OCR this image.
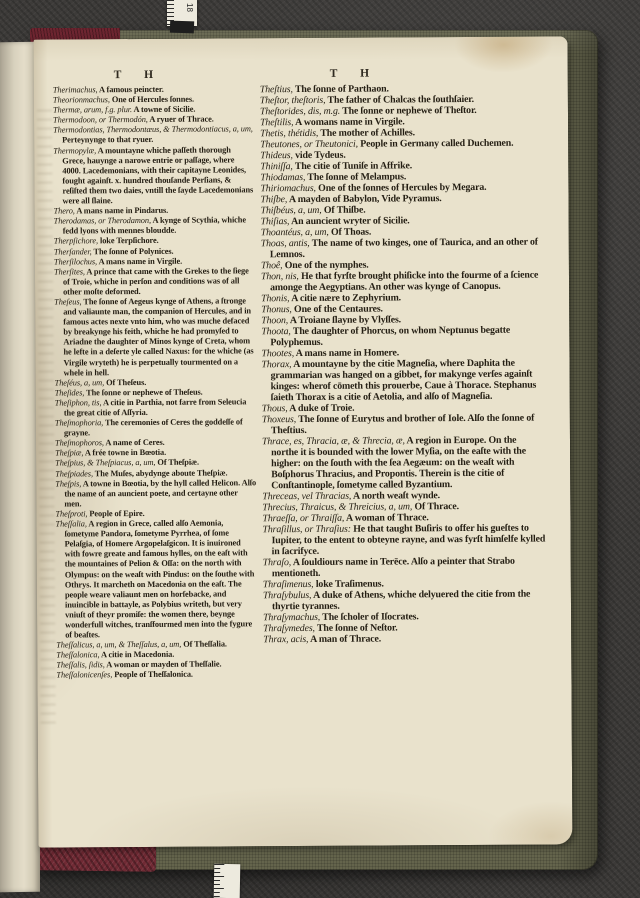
18
T H	T H

Therimachus, A famous peincter.

Theorionmachus, One of Hercules ſonnes.

Thermæ, arum, f.g. plur. A towne of Sicilie.

Thermodoon, or Thermodón, A ryuer of Thrace.

Thermodontias, Thermodontæus, & Thermodontiacus, a, um, Perteynynge to that ryuer.

Thermopylæ, A mountayne whiche paſſeth thorough Grece, hauynge a narowe entrie or paſſage, where 4000. Lacedemonians, with their capitayne Leonides, fought againſt. x. hundred thouſande Perſians, & reſiſted them two daies, vntill the ſayde Lacedemonians were all ſlaine.

Thero, A mans name in Pindarus.

Therodamas, or Therodamon, A kynge of Scythia, whiche fedd lyons with mennes bloudde.

Therpſichore, loke Terpſichore.

Therſander, The ſonne of Polynices.

Therſilochus, A mans name in Virgile.

Therſites, A prince that came with the Grekes to the ſiege of Troie, whiche in perſon and conditions was of all other moſte deformed.

Theſeus, The ſonne of Aegeus kynge of Athens, a ſtronge and valiaunte man, the companion of Hercules, and in famous actes nexte vnto him, who was muche defaced by breakynge his feith, whiche he had promyſed to Ariadne the daughter of Minos kynge of Creta, whom he lefte in a deſerte yle called Naxus: for the whiche (as Virgile wryteth) he is perpetually tourmented on a whele in hell.

Theſéus, a, um, Of Theſeus.

Theſides, The ſonne or nephewe of Theſeus.

Theſiphon, tis, A citie in Parthia, not farre from Seleucia the great citie of Aſſyria.

Theſmophoria, The ceremonies of Ceres the goddeſſe of grayne.

Theſmophoros, A name of Ceres.

Theſpiæ, A frée towne in Bœotia.

Theſpius, & Theſpiacus, a, um, Of Theſpiæ.

Theſpiades, The Muſes, abydynge aboute Theſpiæ.

Theſpis, A towne in Bœotia, by the hyll called Helicon. Alſo the name of an auncient poete, and certayne other men.

Theſproti, People of Epire.

Theſſalia, A region in Grece, called alſo Aemonia, ſometyme Pandora, ſometyme Pyrrhea, of ſome Pelaſgia, of Homere Argopelaſgicon. It is inuironed with fowre greate and famous hylles, on the eaſt with the mountaines of Pelion & Oſſa: on the north with Olympus: on the weaſt with Pindus: on the ſouthe with Othrys. It marcheth on Macedonia on the eaſt. The people weare valiaunt men on horſebacke, and inuincible in battayle, as Polybius writeth, but very vniuſt of theyr promiſe: the women there, beynge wonderfull witches, tranſfourmed men into the fygure of beaſtes.

Theſſalicus, a, um, & Theſſalus, a, um, Of Theſſalia.

Theſſalonica, A citie in Macedonia.

Theſſalis, ſidis, A woman or mayden of Theſſalie.

Theſſalonicenſes, People of Theſſalonica.

Theſtius, The ſonne of Parthaon.

Theſtor, theſtoris, The father of Chalcas the ſouthſaier.

Theſtorides, dis, m.g. The ſonne or nephewe of Theſtor.

Theſtilis, A womans name in Virgile.

Thetis, thétidis, The mother of Achilles.

Theutones, or Theutonici, People in Germany called Duchemen.

Thideus, vide Tydeus.

Thiniſſa, The citie of Tuniſe in Affrike.

Thiodamas, The ſonne of Melampus.

Thiriomachus, One of the ſonnes of Hercules by Megara.

Thiſbe, A mayden of Babylon, Vide Pyramus.

Thiſbéus, a, um, Of Thiſbe.

Thiſias, An auncient wryter of Sicilie.

Thoantéus, a, um, Of Thoas.

Thoas, antis, The name of two kinges, one of Taurica, and an other of Lemnos.

Thoê, One of the nymphes.

Thon, nis, He that fyrſte brought phiſicke into the fourme of a ſcience amonge the Aegyptians. An other was kynge of Canopus.

Thonis, A citie nære to Zephyrium.

Thonus, One of the Centaures.

Thoon, A Troiane ſlayne by Vlyſſes.

Thoota, The daughter of Phorcus, on whom Neptunus begatte Polyphemus.

Thootes, A mans name in Homere.

Thorax, A mountayne by the citie Magneſia, where Daphita the grammarian was hanged on a gibbet, for makynge verſes againſt kinges: wherof cōmeth this prouerbe, Caue à Thorace. Stephanus ſaieth Thorax is a citie of Aetolia, and alſo of Magneſia.

Thous, A duke of Troie.

Thoxeus, The ſonne of Eurytus and brother of Iole. Alſo the ſonne of Theſtius.

Thrace, es, Thracia, æ, & Threcia, æ, A region in Europe. On the northe it is bounded with the lower Myſia, on the eaſte with the higher: on the ſouth with the ſea Aegæum: on the weaſt with Boſphorus Thracius, and Propontis. Therein is the citie of Conſtantinople, ſometyme called Byzantium.

Threceas, vel Thracias, A north weaſt wynde.

Threcius, Thraicus, & Threicius, a, um, Of Thrace.

Thraeſſa, or Thraiſſa, A woman of Thrace.

Thraſillus, or Thraſius: He that taught Buſiris to offer his gueſtes to Iupiter, to the entent to obteyne rayne, and was fyrſt himſelfe kylled in ſacrifyce.

Thraſo, A ſouldiours name in Terēce. Alſo a peinter that Strabo mentioneth.

Thraſimenus, loke Traſimenus.

Thraſybulus, A duke of Athens, whiche delyuered the citie from the thyrtie tyrannes.

Thraſymachus, The ſcholer of Iſocrates.

Thraſymedes, The ſonne of Neſtor.

Thrax, acis, A man of Thrace.
